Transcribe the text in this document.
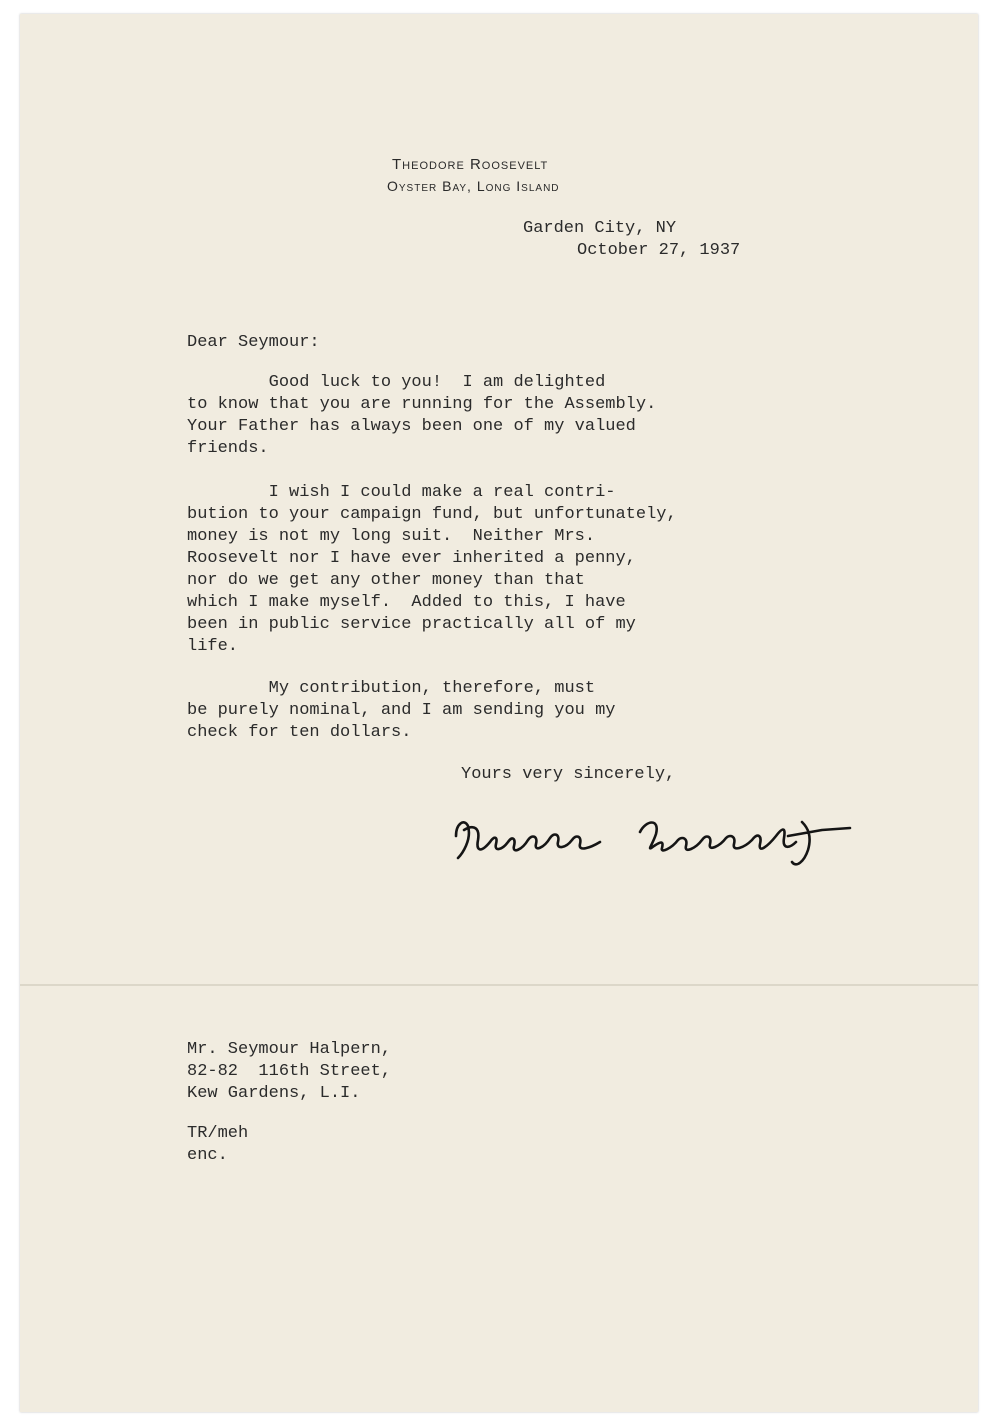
Theodore Roosevelt
Oyster Bay, Long Island
Garden City, NY
October 27, 1937
Dear Seymour:
Good luck to you!  I am delighted
to know that you are running for the Assembly.
Your Father has always been one of my valued
friends.
I wish I could make a real contri-
bution to your campaign fund, but unfortunately,
money is not my long suit.  Neither Mrs.
Roosevelt nor I have ever inherited a penny,
nor do we get any other money than that
which I make myself.  Added to this, I have
been in public service practically all of my
life.
My contribution, therefore, must
be purely nominal, and I am sending you my
check for ten dollars.
Yours very sincerely,
Mr. Seymour Halpern,
82-82  116th Street,
Kew Gardens, L.I.
TR/meh
enc.
